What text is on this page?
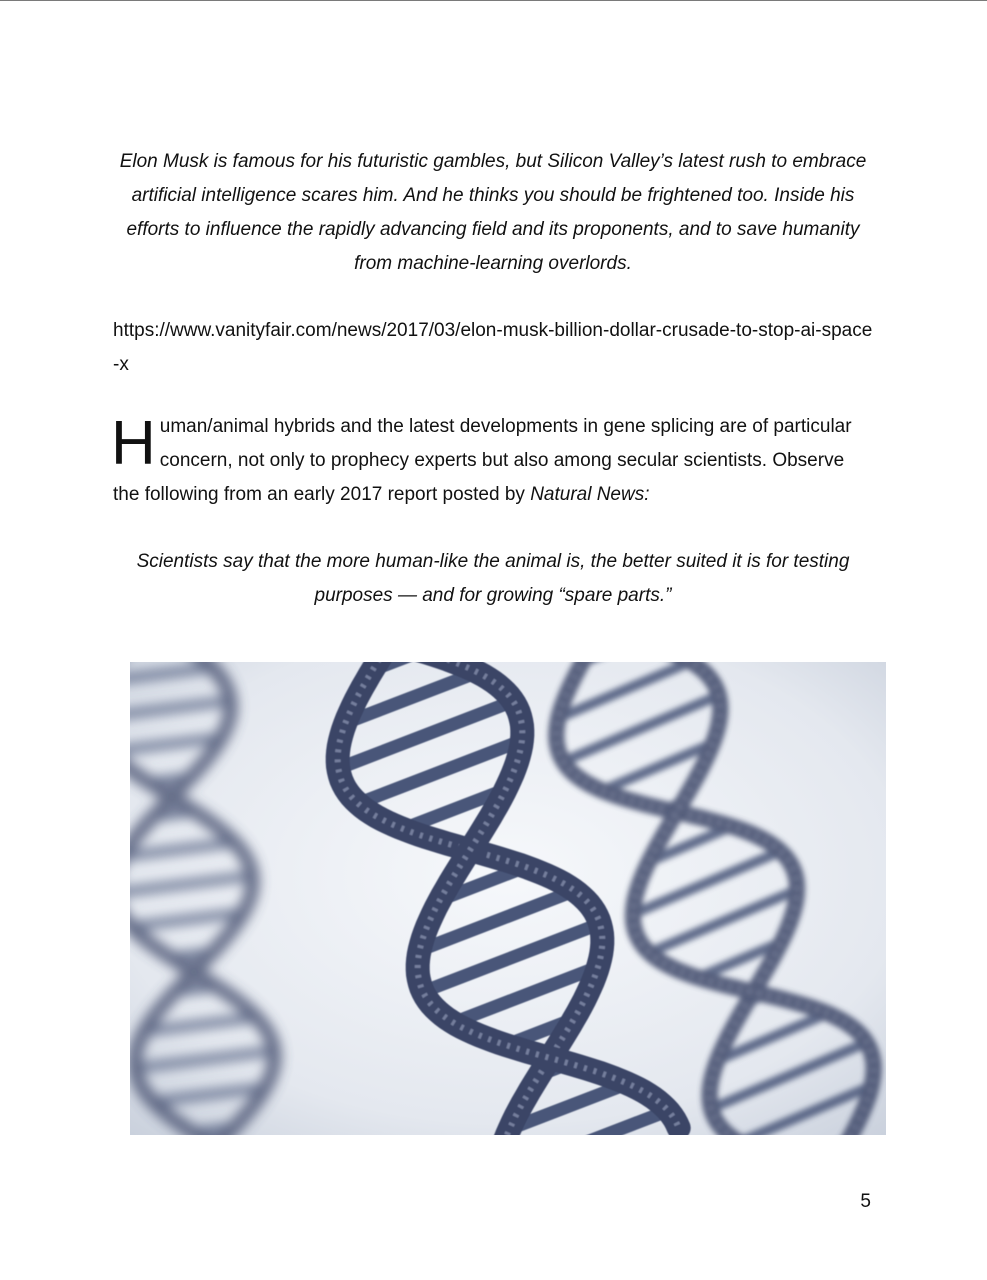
Elon Musk is famous for his futuristic gambles, but Silicon Valley’s latest rush to embrace artificial intelligence scares him. And he thinks you should be frightened too. Inside his efforts to influence the rapidly advancing field and its proponents, and to save humanity from machine-learning overlords.

https://www.vanityfair.com/news/2017/03/elon-musk-billion-dollar-crusade-to-stop-ai-space-x

Human/animal hybrids and the latest developments in gene splicing are of particular concern, not only to prophecy experts but also among secular scientists. Observe the following from an early 2017 report posted by Natural News:

Scientists say that the more human-like the animal is, the better suited it is for testing purposes — and for growing “spare parts.”

5
